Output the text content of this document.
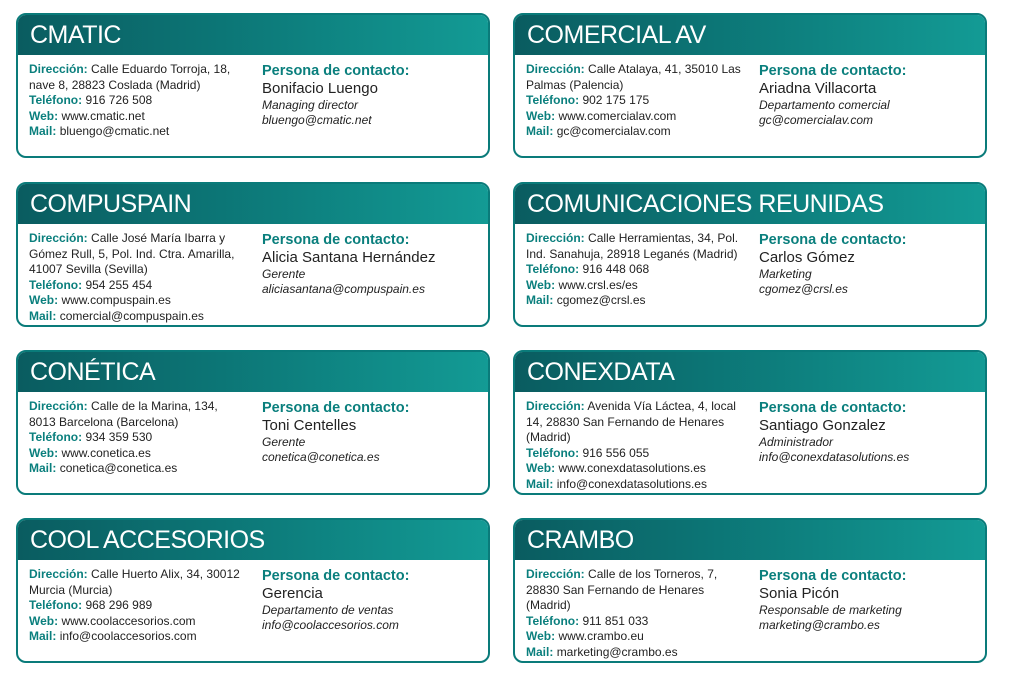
CMATIC
Dirección: Calle Eduardo Torroja, 18, nave 8, 28823 Coslada (Madrid)
Teléfono: 916 726 508
Web: www.cmatic.net
Mail: bluengo@cmatic.net
Persona de contacto:
Bonifacio Luengo
Managing director
bluengo@cmatic.net
COMERCIAL AV
Dirección: Calle Atalaya, 41, 35010 Las Palmas (Palencia)
Teléfono: 902 175 175
Web: www.comercialav.com
Mail: gc@comercialav.com
Persona de contacto:
Ariadna Villacorta
Departamento comercial
gc@comercialav.com
COMPUSPAIN
Dirección: Calle José María Ibarra y Gómez Rull, 5, Pol. Ind. Ctra. Amarilla, 41007 Sevilla (Sevilla)
Teléfono: 954 255 454
Web: www.compuspain.es
Mail: comercial@compuspain.es
Persona de contacto:
Alicia Santana Hernández
Gerente
aliciasantana@compuspain.es
COMUNICACIONES REUNIDAS
Dirección: Calle Herramientas, 34, Pol. Ind. Sanahuja, 28918 Leganés (Madrid)
Teléfono: 916 448 068
Web: www.crsl.es/es
Mail: cgomez@crsl.es
Persona de contacto:
Carlos Gómez
Marketing
cgomez@crsl.es
CONÉTICA
Dirección: Calle de la Marina, 134, 8013 Barcelona (Barcelona)
Teléfono: 934 359 530
Web: www.conetica.es
Mail: conetica@conetica.es
Persona de contacto:
Toni Centelles
Gerente
conetica@conetica.es
CONEXDATA
Dirección: Avenida Vía Láctea, 4, local 14, 28830 San Fernando de Henares (Madrid)
Teléfono: 916 556 055
Web: www.conexdatasolutions.es
Mail: info@conexdatasolutions.es
Persona de contacto:
Santiago Gonzalez
Administrador
info@conexdatasolutions.es
COOL ACCESORIOS
Dirección: Calle Huerto Alix, 34, 30012 Murcia (Murcia)
Teléfono: 968 296 989
Web: www.coolaccesorios.com
Mail: info@coolaccesorios.com
Persona de contacto:
Gerencia
Departamento de ventas
info@coolaccesorios.com
CRAMBO
Dirección: Calle de los Torneros, 7, 28830 San Fernando de Henares (Madrid)
Teléfono: 911 851 033
Web: www.crambo.eu
Mail: marketing@crambo.es
Persona de contacto:
Sonia Picón
Responsable de marketing
marketing@crambo.es
